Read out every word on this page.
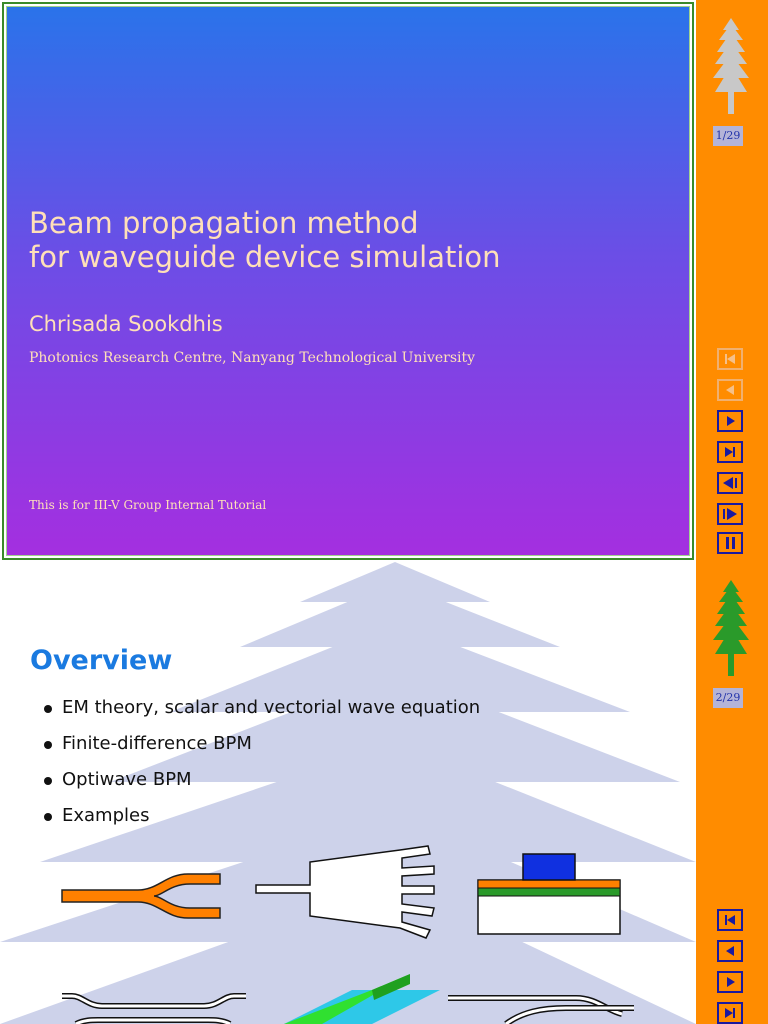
Beam propagation method
for waveguide device simulation
Chrisada Sookdhis
Photonics Research Centre, Nanyang Technological University
This is for III-V Group Internal Tutorial
Overview
EM theory, scalar and vectorial wave equation
Finite-difference BPM
Optiwave BPM
Examples
1/29
2/29
